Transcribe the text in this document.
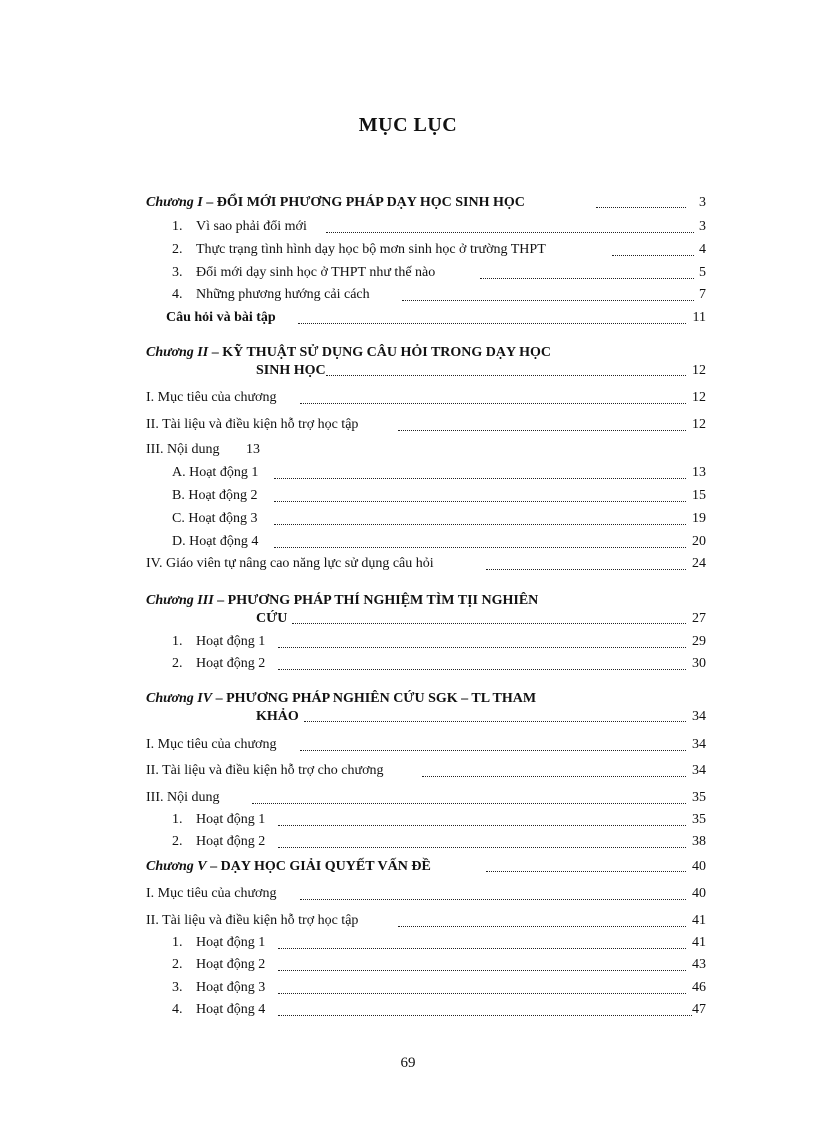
MỤC LỤC
Chương I – ĐỔI MỚI PHƯƠNG PHÁP DẠY HỌC SINH HỌC	3
1. Vì sao phải đổi mới	3
2. Thực trạng tình hình dạy học bộ mơn sinh học ở trường THPT	4
3. Đổi mới dạy sinh học ở THPT như thế nào	5
4. Những phương hướng cải cách	7
Câu hỏi và bài tập	11
Chương II – KỸ THUẬT SỬ DỤNG CÂU HỎI TRONG DẠY HỌC
SINH HỌC	12
I. Mục tiêu của chương	12
II. Tài liệu và điều kiện hỗ trợ học tập	12
III. Nội dung 13
A. Hoạt động 1	13
B. Hoạt động 2	15
C. Hoạt động 3	19
D. Hoạt động 4	20
IV. Giáo viên tự nâng cao năng lực sử dụng câu hỏi	24
Chương III – PHƯƠNG PHÁP THÍ NGHIỆM TÌM TỊI NGHIÊN
CỨU	27
1. Hoạt động 1	29
2. Hoạt động 2	30
Chương IV – PHƯƠNG PHÁP NGHIÊN CỨU SGK – TL THAM
KHẢO	34
I. Mục tiêu của chương	34
II. Tài liệu và điều kiện hỗ trợ cho chương	34
III. Nội dung	35
1. Hoạt động 1	35
2. Hoạt động 2	38
Chương V – DẠY HỌC GIẢI QUYẾT VẤN ĐỀ	40
I. Mục tiêu của chương	40
II. Tài liệu và điều kiện hỗ trợ học tập	41
1. Hoạt động 1	41
2. Hoạt động 2	43
3. Hoạt động 3	46
4. Hoạt động 4	47
69
